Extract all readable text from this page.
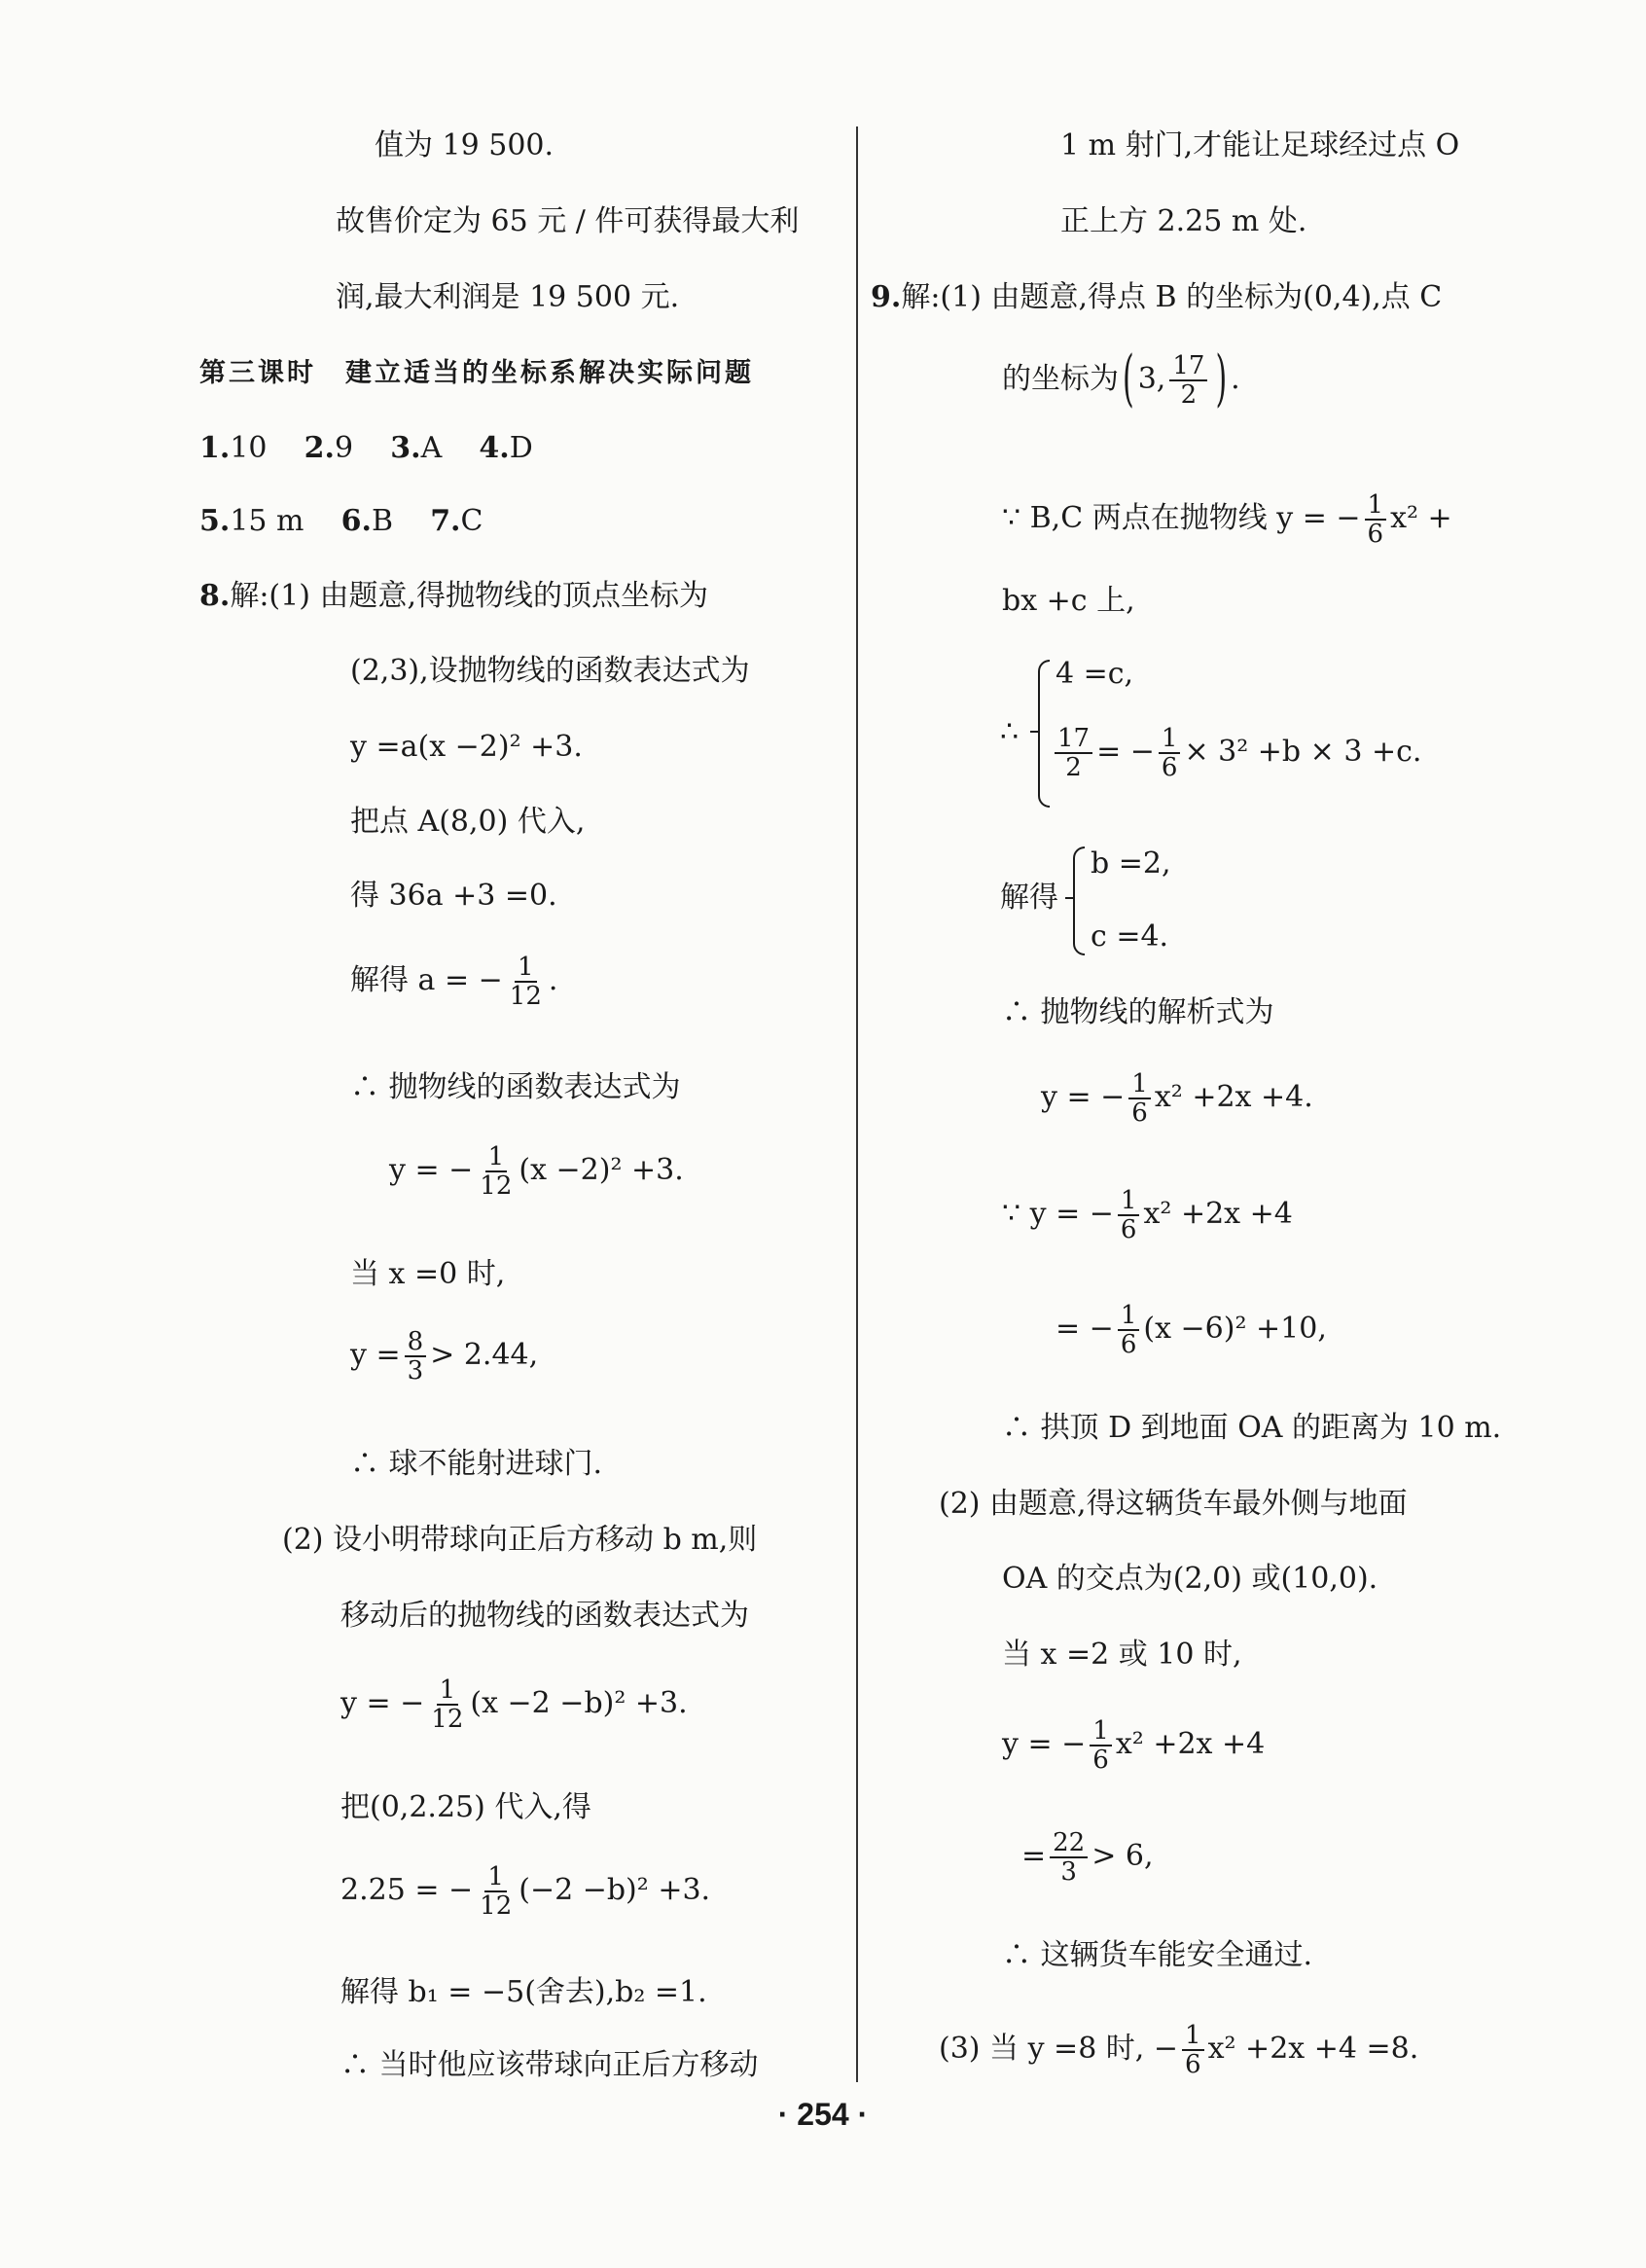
值为 19 500.
故售价定为 65 元 / 件可获得最大利
润,最大利润是 19 500 元.
第三课时　建立适当的坐标系解决实际问题
1.10 2.9 3.A 4.D
5.15 m 6.B 7.C
8.解:(1) 由题意,得抛物线的顶点坐标为
(2,3),设抛物线的函数表达式为
y =a(x −2)² +3.
把点 A(8,0) 代入,
得 36a +3 =0.
解得 a = − $\frac{1}{12}$ .
∴ 抛物线的函数表达式为
y = − $\frac{1}{12} (x -2)^2 +3$.
当 x =0 时,
$y = \frac{8}{3} > 2.44$,
∴ 球不能射进球门.
(2) 设小明带球向正后方移动 b m,则
移动后的抛物线的函数表达式为
y = − $\frac{1}{12} (x -2 -b)^2 +3$.
把(0,2.25) 代入,得
2.25 = − $\frac{1}{12} (-2 -b)^2 +3$.
解得 b₁ = −5(舍去),b₂ =1.
∴ 当时他应该带球向正后方移动
1 m 射门,才能让足球经过点 O
正上方 2.25 m 处.
9.解:(1) 由题意,得点 B 的坐标为(0,4),点 C
的坐标为 ( 3, $\frac{17}{2}$ ) .
∵ B,C 两点在抛物线 y = − $\frac{1}{6} x^2$ +
bx +c 上,
∴
4 =c,
$\frac{17}{2}$ = − $\frac{1}{6} \times 3^2 +b \times 3 +c$.
解得
b =2,
c =4.
∴ 抛物线的解析式为
y = − $\frac{1}{6} x^2 +2x +4$.
∵ y = − $\frac{1}{6} x^2 +2x +4$
= − $\frac{1}{6} (x -6)^2 +10$,
∴ 拱顶 D 到地面 OA 的距离为 10 m.
(2) 由题意,得这辆货车最外侧与地面
OA 的交点为(2,0) 或(10,0).
当 x =2 或 10 时,
y = − $\frac{1}{6} x^2 +2x +4$
= $\frac{22}{3} > 6$,
∴ 这辆货车能安全通过.
(3) 当 y =8 时, − $\frac{1}{6} x^2 +2x +4 =8$.
· 254 ·
